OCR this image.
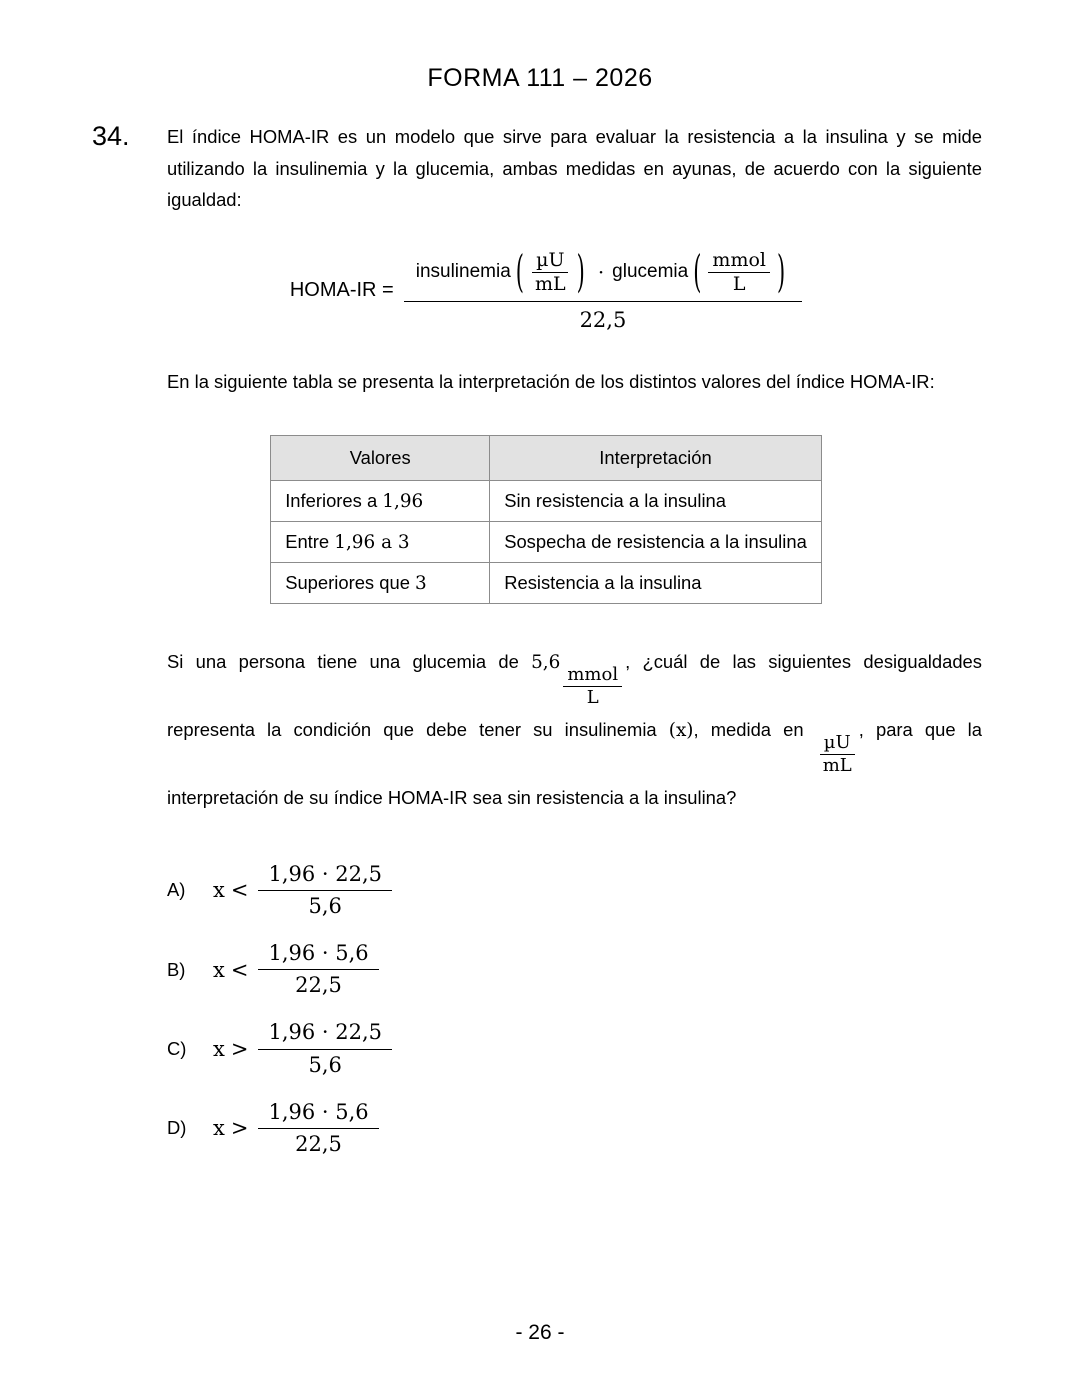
FORMA 111 – 2026
34. El índice HOMA-IR es un modelo que sirve para evaluar la resistencia a la insulina y se mide utilizando la insulinemia y la glucemia, ambas medidas en ayunas, de acuerdo con la siguiente igualdad:
HOMA-IR =
insulinemia ( $\frac{\text{µU}}{mL}$ ) · glucemia ( $\frac{\text{mmol}}{L}$ )
22,5
En la siguiente tabla se presenta la interpretación de los distintos valores del índice HOMA-IR:
Valores	Interpretación
Inferiores a 1,96	Sin resistencia a la insulina
Entre 1,96 a 3	Sospecha de resistencia a la insulina
Superiores que 3	Resistencia a la insulina
Si una persona tiene una glucemia de 5,6
$\frac{\text{mmol}}{L}$
, ¿cuál de las siguientes desigualdades representa la condición que debe tener su insulinemia (x), medida en
$\frac{\text{µU}}{mL}$
, para que la interpretación de su índice HOMA-IR sea sin resistencia a la insulina?
A)	$x < \frac{1,96 \cdot 22,5}{5,6}$
B)	$x < \frac{1,96 \cdot 5,6}{22,5}$
C)	$x > \frac{1,96 \cdot 22,5}{5,6}$
D)	$x > \frac{1,96 \cdot 5,6}{22,5}$
- 26 -
